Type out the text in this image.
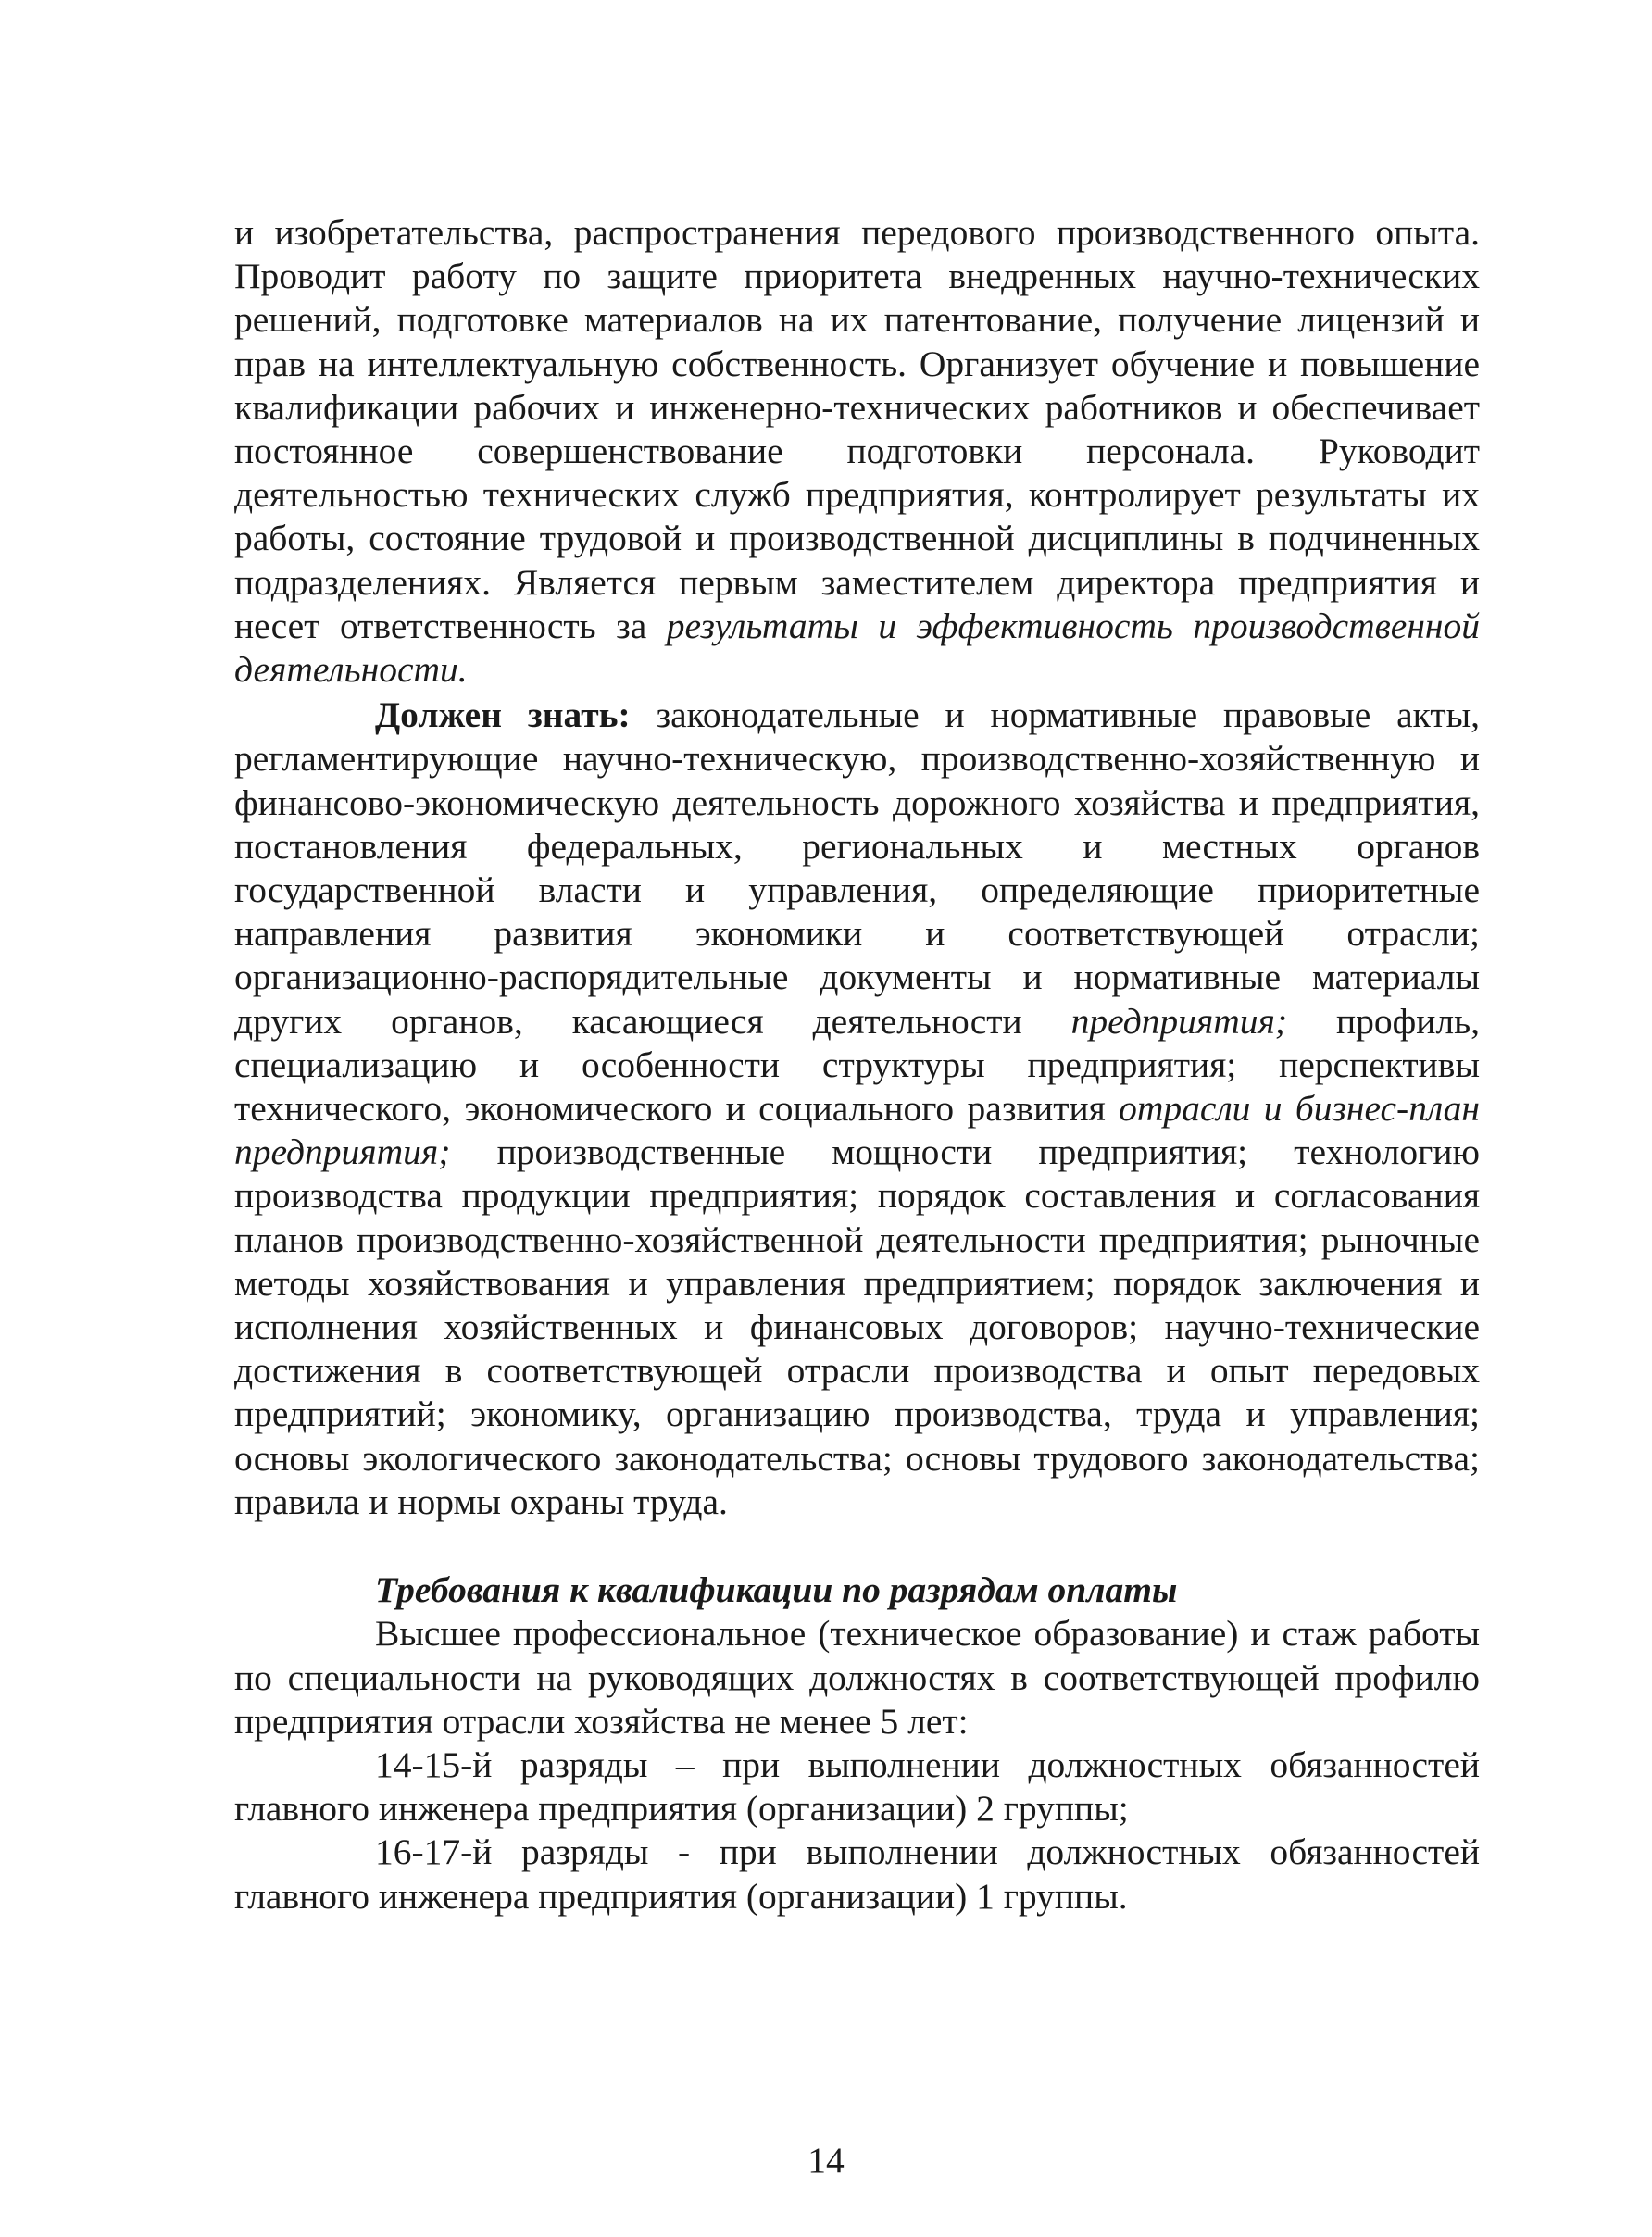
и изобретательства, распространения передового производственного опыта. Проводит работу по защите приоритета внедренных научно-технических решений, подготовке материалов на их патентование, получение лицензий и прав на интеллектуальную собственность. Организует обучение и повышение квалификации рабочих и инженерно-технических работников и обеспечивает постоянное совершенствование подготовки персонала. Руководит деятельностью технических служб предприятия, контролирует результаты их работы, состояние трудовой и производственной дисциплины в подчиненных подразделениях. Является первым заместителем директора предприятия и несет ответственность за результаты и эффективность производственной деятельности.

Должен знать: законодательные и нормативные правовые акты, регламентирующие научно-техническую, производственно-хозяйственную и финансово-экономическую деятельность дорожного хозяйства и предприятия, постановления федеральных, региональных и местных органов государственной власти и управления, определяющие приоритетные направления развития экономики и соответствующей отрасли; организационно-распорядительные документы и нормативные материалы других органов, касающиеся деятельности предприятия; профиль, специализацию и особенности структуры предприятия; перспективы технического, экономического и социального развития отрасли и бизнес-план предприятия; производственные мощности предприятия; технологию производства продукции предприятия; порядок составления и согласования планов производственно-хозяйственной деятельности предприятия; рыночные методы хозяйствования и управления предприятием; порядок заключения и исполнения хозяйственных и финансовых договоров; научно-технические достижения в соответствующей отрасли производства и опыт передовых предприятий; экономику, организацию производства, труда и управления; основы экологического законодательства; основы трудового законодательства; правила и нормы охраны труда.

Требования к квалификации по разрядам оплаты

Высшее профессиональное (техническое образование) и стаж работы по специальности на руководящих должностях в соответствующей профилю предприятия отрасли хозяйства не менее 5 лет:

14-15-й разряды – при выполнении должностных обязанностей главного инженера предприятия (организации) 2 группы;

16-17-й разряды - при выполнении должностных обязанностей главного инженера предприятия (организации) 1 группы.

14
